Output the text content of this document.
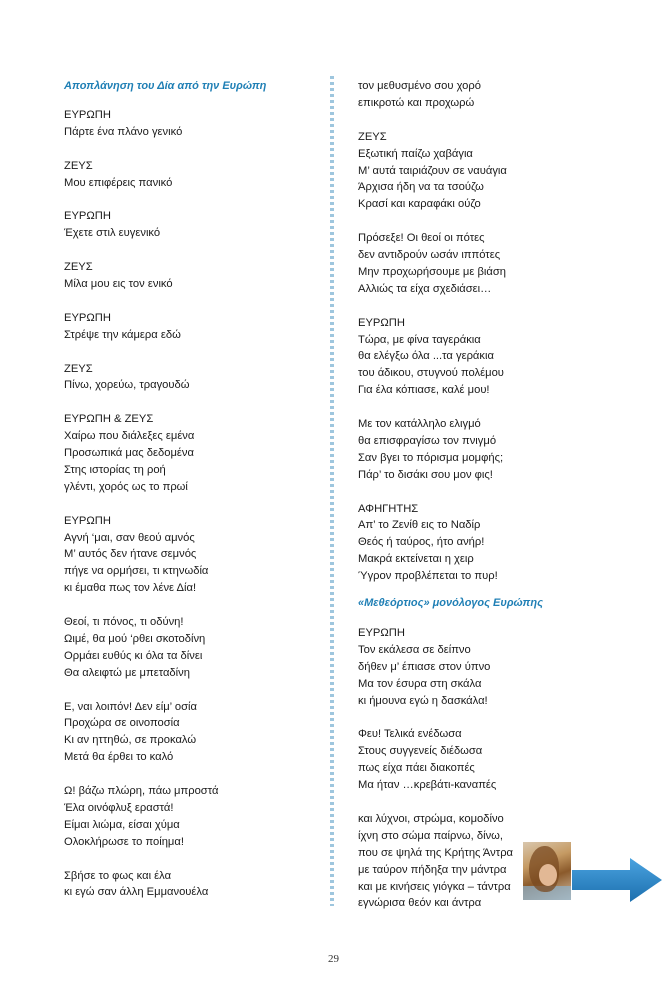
Αποπλάνηση του Δία από την Ευρώπη
ΕΥΡΩΠΗ
Πάρτε ένα πλάνο γενικό
ΖΕΥΣ
Μου επιφέρεις πανικό
ΕΥΡΩΠΗ
Έχετε στιλ ευγενικό
ΖΕΥΣ
Μίλα μου εις τον ενικό
ΕΥΡΩΠΗ
Στρέψε την κάμερα εδώ
ΖΕΥΣ
Πίνω, χορεύω, τραγουδώ
ΕΥΡΩΠΗ & ΖΕΥΣ
Χαίρω που διάλεξες εμένα
Προσωπικά μας δεδομένα
Στης ιστορίας τη ροή
γλέντι, χορός ως το πρωί
ΕΥΡΩΠΗ
Αγνή ‘μαι, σαν θεού αμνός
Μ’ αυτός δεν ήτανε σεμνός
πήγε να ορμήσει, τι κτηνωδία
κι έμαθα πως τον λένε Δία!
Θεοί, τι πόνος, τι οδύνη!
Ωιμέ, θα μού ‘ρθει σκοτοδίνη
Ορμάει ευθύς κι όλα τα δίνει
Θα αλειφτώ με μπεταδίνη
Ε, ναι λοιπόν! Δεν είμ’ οσία
Προχώρα σε οινοποσία
Κι αν ηττηθώ, σε προκαλώ
Μετά θα έρθει το καλό
Ω! βάζω πλώρη, πάω μπροστά
Έλα οινόφλυξ εραστά!
Είμαι λιώμα, είσαι χύμα
Ολοκλήρωσε το ποίημα!
Σβήσε το φως και έλα
κι εγώ σαν άλλη Εμμανουέλα
τον μεθυσμένο σου χορό
επικροτώ και προχωρώ
ΖΕΥΣ
Εξωτική παίζω χαβάγια
Μ’ αυτά ταιριάζουν σε ναυάγια
Άρχισα ήδη να τα τσούζω
Κρασί και καραφάκι ούζο
Πρόσεξε! Οι θεοί οι πότες
δεν αντιδρούν ωσάν ιππότες
Μην προχωρήσουμε με βιάση
Αλλιώς τα είχα σχεδιάσει…
ΕΥΡΩΠΗ
Τώρα, με φίνα ταγεράκια
θα ελέγξω όλα ...τα γεράκια
του άδικου, στυγνού πολέμου
Για έλα κόπιασε, καλέ μου!
Με τον κατάλληλο ελιγμό
θα επισφραγίσω τον πνιγμό
Σαν βγει το πόρισμα μομφής;
Πάρ’ το δισάκι σου μον φις!
ΑΦΗΓΗΤΗΣ
Απ’ το Ζενίθ εις το Ναδίρ
Θεός ή ταύρος, ήτο ανήρ!
Μακρά εκτείνεται η χειρ
Ύγρον προβλέπεται το πυρ!
«Μεθεόρτιος» μονόλογος Ευρώπης
ΕΥΡΩΠΗ
Τον εκάλεσα σε δείπνο
δήθεν μ’ έπιασε στον ύπνο
Μα τον έσυρα στη σκάλα
κι ήμουνα εγώ η δασκάλα!
Φευ! Τελικά ενέδωσα
Στους συγγενείς διέδωσα
πως είχα πάει διακοπές
Μα ήταν …κρεβάτι-καναπές
και λύχνοι, στρώμα, κομοδίνο
ίχνη στο σώμα παίρνω, δίνω,
που σε ψηλά της Κρήτης Άντρα
με ταύρον πήδηξα την μάντρα
και με κινήσεις γιόγκα – τάντρα
εγνώρισα θεόν και άντρα
29
